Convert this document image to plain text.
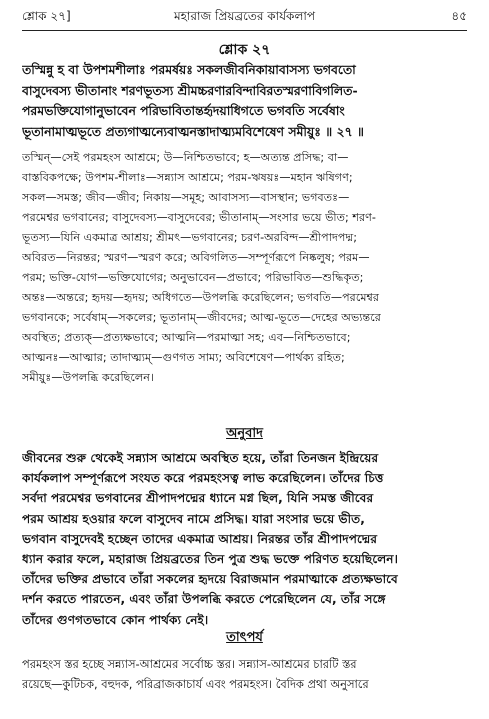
শ্লোক ২৭]	মহারাজ প্রিয়ব্রতের কার্যকলাপ	৪৫
শ্লোক ২৭
তস্মিন্নু হ বা উপশমশীলাঃ পরমর্ষয়ঃ সকলজীবনিকায়াবাসস্য ভগবতো
বাসুদেবস্য ভীতানাং শরণভূতস্য শ্রীমচ্চরণারবিন্দাবিরতস্মরণাবিগলিত-
পরমভক্তিযোগানুভাবেন পরিভাবিতান্তর্হৃদয়াধিগতে ভগবতি সর্বেষাং
ভূতানামাত্মভূতে প্রত্যগাত্মন্যেবাত্মনস্তাদাত্ম্যমবিশেষেণ সমীয়ুঃ ॥ ২৭ ॥
তস্মিন্—সেই পরমহংস আশ্রমে; উ—নিশ্চিতভাবে; হ—অত্যন্ত প্রসিদ্ধ; বা—
বাস্তবিকপক্ষে; উপশম-শীলাঃ—সন্ন্যাস আশ্রমে; পরম-ঋষয়ঃ—মহান ঋষিগণ;
সকল—সমস্ত; জীব—জীব; নিকায়—সমূহ; আবাসস্য—বাসস্থান; ভগবতঃ—
পরমেশ্বর ভগবানের; বাসুদেবস্য—বাসুদেবের; ভীতানাম্—সংসার ভয়ে ভীত; শরণ-
ভূতস্য—যিনি একমাত্র আশ্রয়; শ্রীমৎ—ভগবানের; চরণ-অরবিন্দ—শ্রীপাদপদ্ম;
অবিরত—নিরন্তর; স্মরণ—স্মরণ করে; অবিগলিত—সম্পূর্ণরূপে নিষ্কলুষ; পরম—
পরম; ভক্তি-যোগ—ভক্তিযোগের; অনুভাবেন—প্রভাবে; পরিভাবিত—শুদ্ধিকৃত;
অন্তঃ—অন্তরে; হৃদয়—হৃদয়; অধিগতে—উপলব্ধি করেছিলেন; ভগবতি—পরমেশ্বর
ভগবানকে; সর্বেষাম্—সকলের; ভূতানাম্—জীবদের; আত্ম-ভূতে—দেহের অভ্যন্তরে
অবস্থিত; প্রত্যক্—প্রত্যক্ষভাবে; আত্মনি—পরমাত্মা সহ; এব—নিশ্চিতভাবে;
আত্মনঃ—আত্মার; তাদাত্ম্যম্—গুণগত সাম্য; অবিশেষেণ—পার্থক্য রহিত;
সমীয়ুঃ—উপলব্ধি করেছিলেন।
অনুবাদ
জীবনের শুরু থেকেই সন্ন্যাস আশ্রমে অবস্থিত হয়ে, তাঁরা তিনজন ইন্দ্রিয়ের
কার্যকলাপ সম্পূর্ণরূপে সংযত করে পরমহংসত্ব লাভ করেছিলেন। তাঁদের চিত্ত
সর্বদা পরমেশ্বর ভগবানের শ্রীপাদপদ্মের ধ্যানে মগ্ন ছিল, যিনি সমস্ত জীবের
পরম আশ্রয় হওয়ার ফলে বাসুদেব নামে প্রসিদ্ধ। যারা সংসার ভয়ে ভীত,
ভগবান বাসুদেবই হচ্ছেন তাদের একমাত্র আশ্রয়। নিরন্তর তাঁর শ্রীপাদপদ্মের
ধ্যান করার ফলে, মহারাজ প্রিয়ব্রতের তিন পুত্র শুদ্ধ ভক্তে পরিণত হয়েছিলেন।
তাঁদের ভক্তির প্রভাবে তাঁরা সকলের হৃদয়ে বিরাজমান পরমাত্মাকে প্রত্যক্ষভাবে
দর্শন করতে পারতেন, এবং তাঁরা উপলব্ধি করতে পেরেছিলেন যে, তাঁর সঙ্গে
তাঁদের গুণগতভাবে কোন পার্থক্য নেই।
তাৎপর্য
পরমহংস স্তর হচ্ছে সন্ন্যাস-আশ্রমের সর্বোচ্চ স্তর। সন্ন্যাস-আশ্রমের চারটি স্তর
রয়েছে—কুটিচক, বহুদক, পরিব্রাজকাচার্য এবং পরমহংস। বৈদিক প্রথা অনুসারে
